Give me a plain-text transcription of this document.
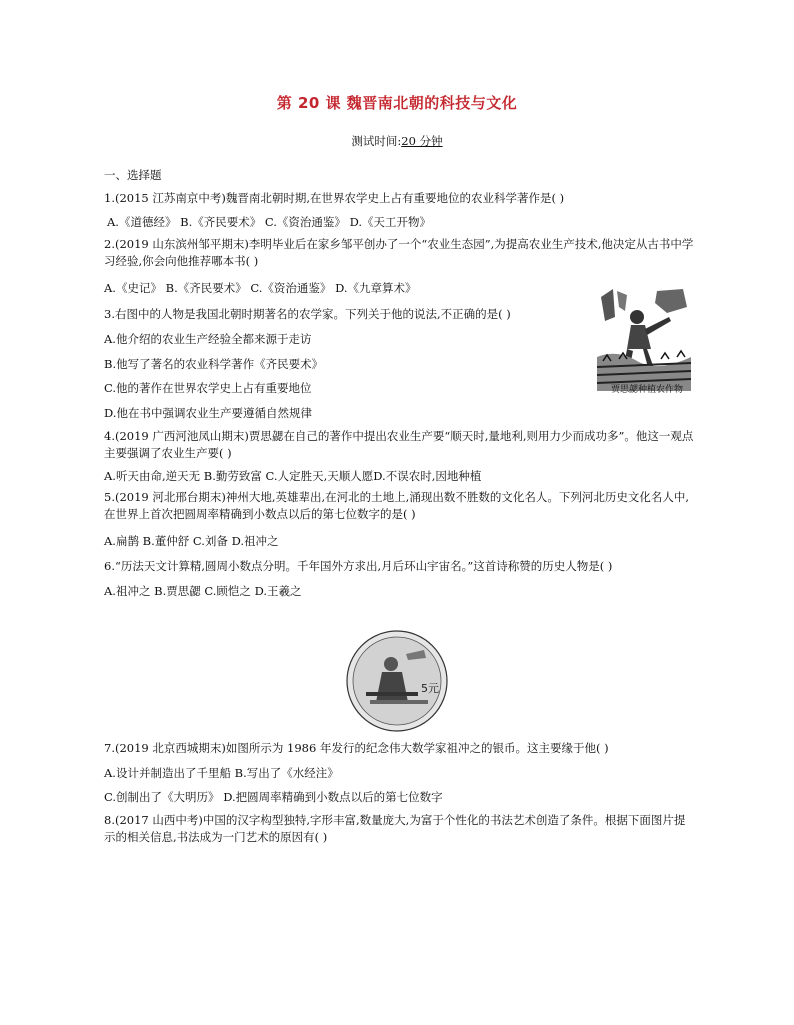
第 20 课 魏晋南北朝的科技与文化
测试时间:20 分钟
一、选择题
1.(2015 江苏南京中考)魏晋南北朝时期,在世界农学史上占有重要地位的农业科学著作是( )
A.《道德经》 B.《齐民要术》 C.《资治通鉴》 D.《天工开物》
2.(2019 山东滨州邹平期末)李明毕业后在家乡邹平创办了一个“农业生态园”,为提高农业生产技术,他决定从古书中学习经验,你会向他推荐哪本书( )
A.《史记》 B.《齐民要术》 C.《资治通鉴》 D.《九章算术》
3.右图中的人物是我国北朝时期著名的农学家。下列关于他的说法,不正确的是( )
A.他介绍的农业生产经验全都来源于走访
B.他写了著名的农业科学著作《齐民要术》
C.他的著作在世界农学史上占有重要地位
D.他在书中强调农业生产要遵循自然规律
贾思勰种植农作物
4.(2019 广西河池凤山期末)贾思勰在自己的著作中提出农业生产要“顺天时,量地利,则用力少而成功多”。他这一观点主要强调了农业生产要( )
A.听天由命,逆天无 B.勤劳致富 C.人定胜天,天顺人愿D.不误农时,因地种植
5.(2019 河北邢台期末)神州大地,英雄辈出,在河北的土地上,涌现出数不胜数的文化名人。下列河北历史文化名人中,在世界上首次把圆周率精确到小数点以后的第七位数字的是( )
A.扁鹊 B.董仲舒 C.刘备 D.祖冲之
6.“历法天文计算精,圆周小数点分明。千年国外方求出,月后环山宇宙名。”这首诗称赞的历史人物是( )
A.祖冲之 B.贾思勰 C.顾恺之 D.王羲之
5元
7.(2019 北京西城期末)如图所示为 1986 年发行的纪念伟大数学家祖冲之的银币。这主要缘于他( )
A.设计并制造出了千里船 B.写出了《水经注》
C.创制出了《大明历》 D.把圆周率精确到小数点以后的第七位数字
8.(2017 山西中考)中国的汉字构型独特,字形丰富,数量庞大,为富于个性化的书法艺术创造了条件。根据下面图片提示的相关信息,书法成为一门艺术的原因有( )
